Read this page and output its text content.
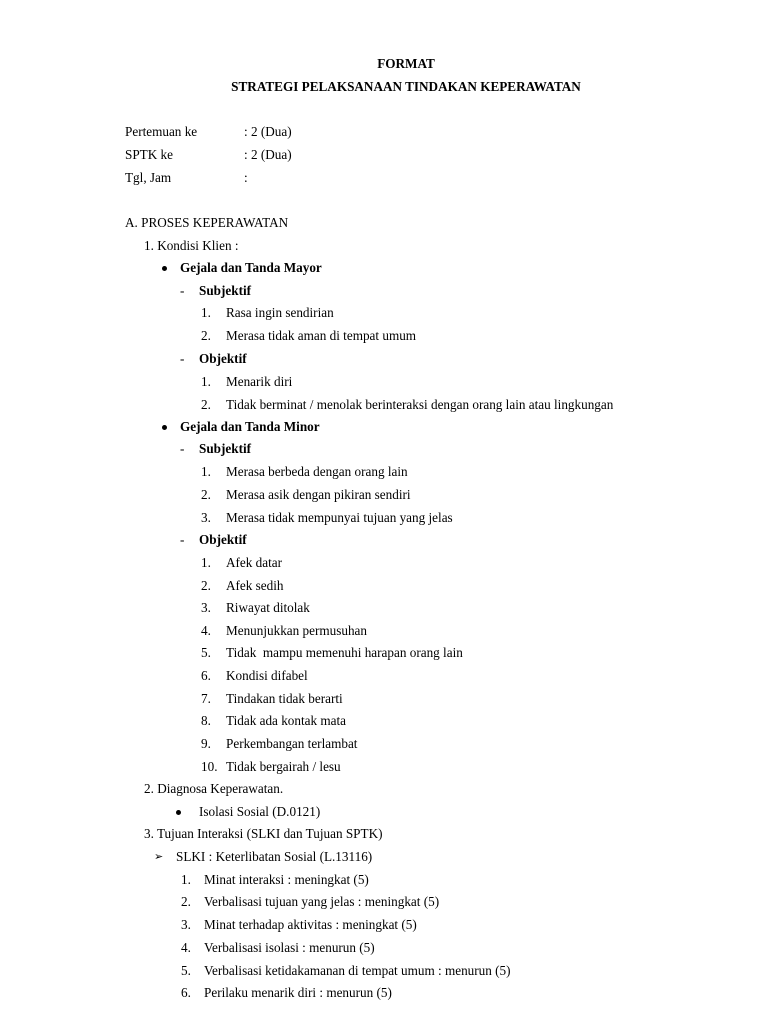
FORMAT
STRATEGI PELAKSANAAN TINDAKAN KEPERAWATAN
Pertemuan ke	: 2 (Dua)
SPTK ke	: 2 (Dua)
Tgl, Jam	:
A. PROSES KEPERAWATAN
1. Kondisi Klien :
Gejala dan Tanda Mayor
- Subjektif
1. Rasa ingin sendirian
2. Merasa tidak aman di tempat umum
- Objektif
1. Menarik diri
2. Tidak berminat / menolak berinteraksi dengan orang lain atau lingkungan
Gejala dan Tanda Minor
- Subjektif
1. Merasa berbeda dengan orang lain
2. Merasa asik dengan pikiran sendiri
3. Merasa tidak mempunyai tujuan yang jelas
- Objektif
1. Afek datar
2. Afek sedih
3. Riwayat ditolak
4. Menunjukkan permusuhan
5. Tidak  mampu memenuhi harapan orang lain
6. Kondisi difabel
7. Tindakan tidak berarti
8. Tidak ada kontak mata
9. Perkembangan terlambat
10. Tidak bergairah / lesu
2. Diagnosa Keperawatan.
Isolasi Sosial (D.0121)
3. Tujuan Interaksi (SLKI dan Tujuan SPTK)
➢ SLKI : Keterlibatan Sosial (L.13116)
1. Minat interaksi : meningkat (5)
2. Verbalisasi tujuan yang jelas : meningkat (5)
3. Minat terhadap aktivitas : meningkat (5)
4. Verbalisasi isolasi : menurun (5)
5. Verbalisasi ketidakamanan di tempat umum : menurun (5)
6. Perilaku menarik diri : menurun (5)
